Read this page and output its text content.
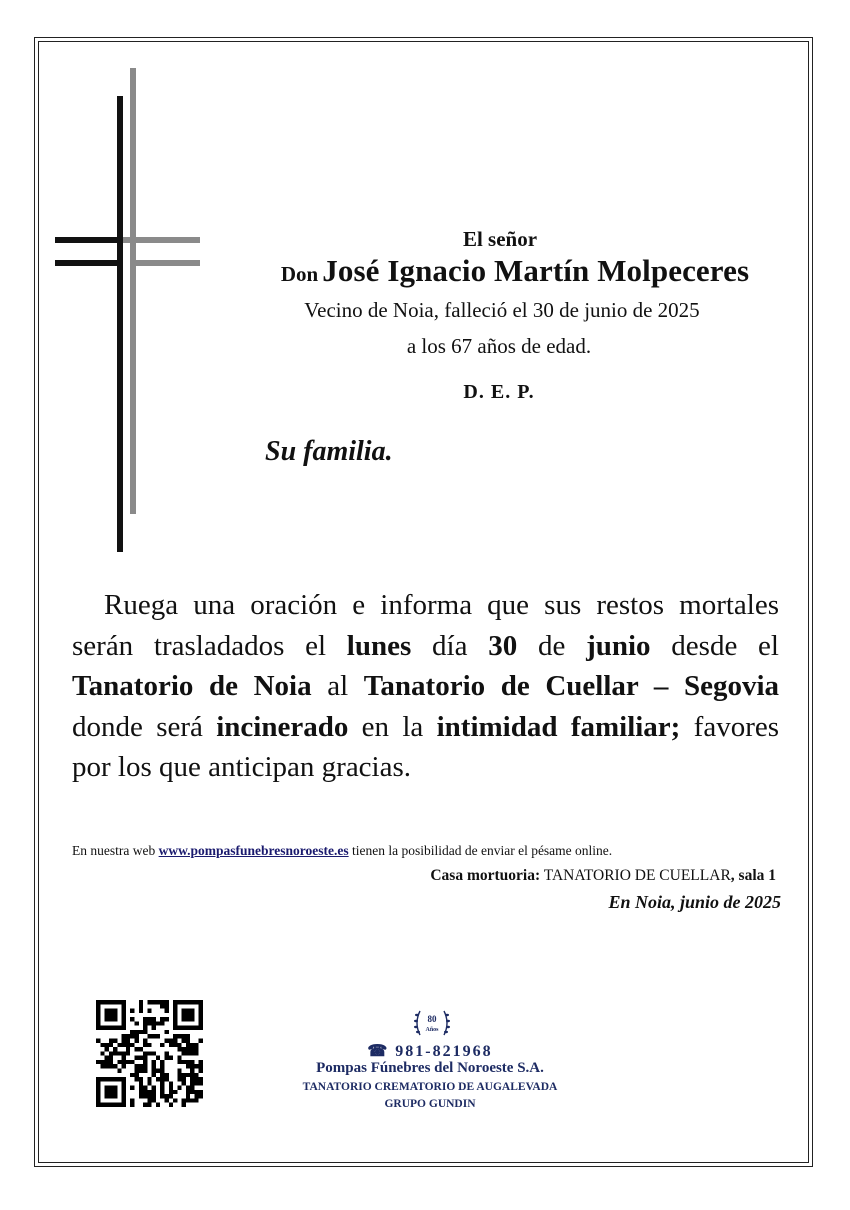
El señor
Don José Ignacio Martín Molpeceres
Vecino de Noia, falleció el 30 de junio de 2025
a los 67 años de edad.
D. E. P.
Su familia.
Ruega una oración e informa que sus restos mortales serán trasladados el lunes día 30 de junio desde el Tanatorio de Noia al Tanatorio de Cuellar – Segovia donde será incinerado en la intimidad familiar; favores por los que anticipan gracias.
En nuestra web www.pompasfunebresnoroeste.es tienen la posibilidad de enviar el pésame online.
Casa mortuoria: TANATORIO DE CUELLAR, sala 1
En Noia, junio de 2025
80
Años
☎ 981-821968
Pompas Fúnebres del Noroeste S.A.
TANATORIO CREMATORIO DE AUGALEVADA
GRUPO GUNDIN
